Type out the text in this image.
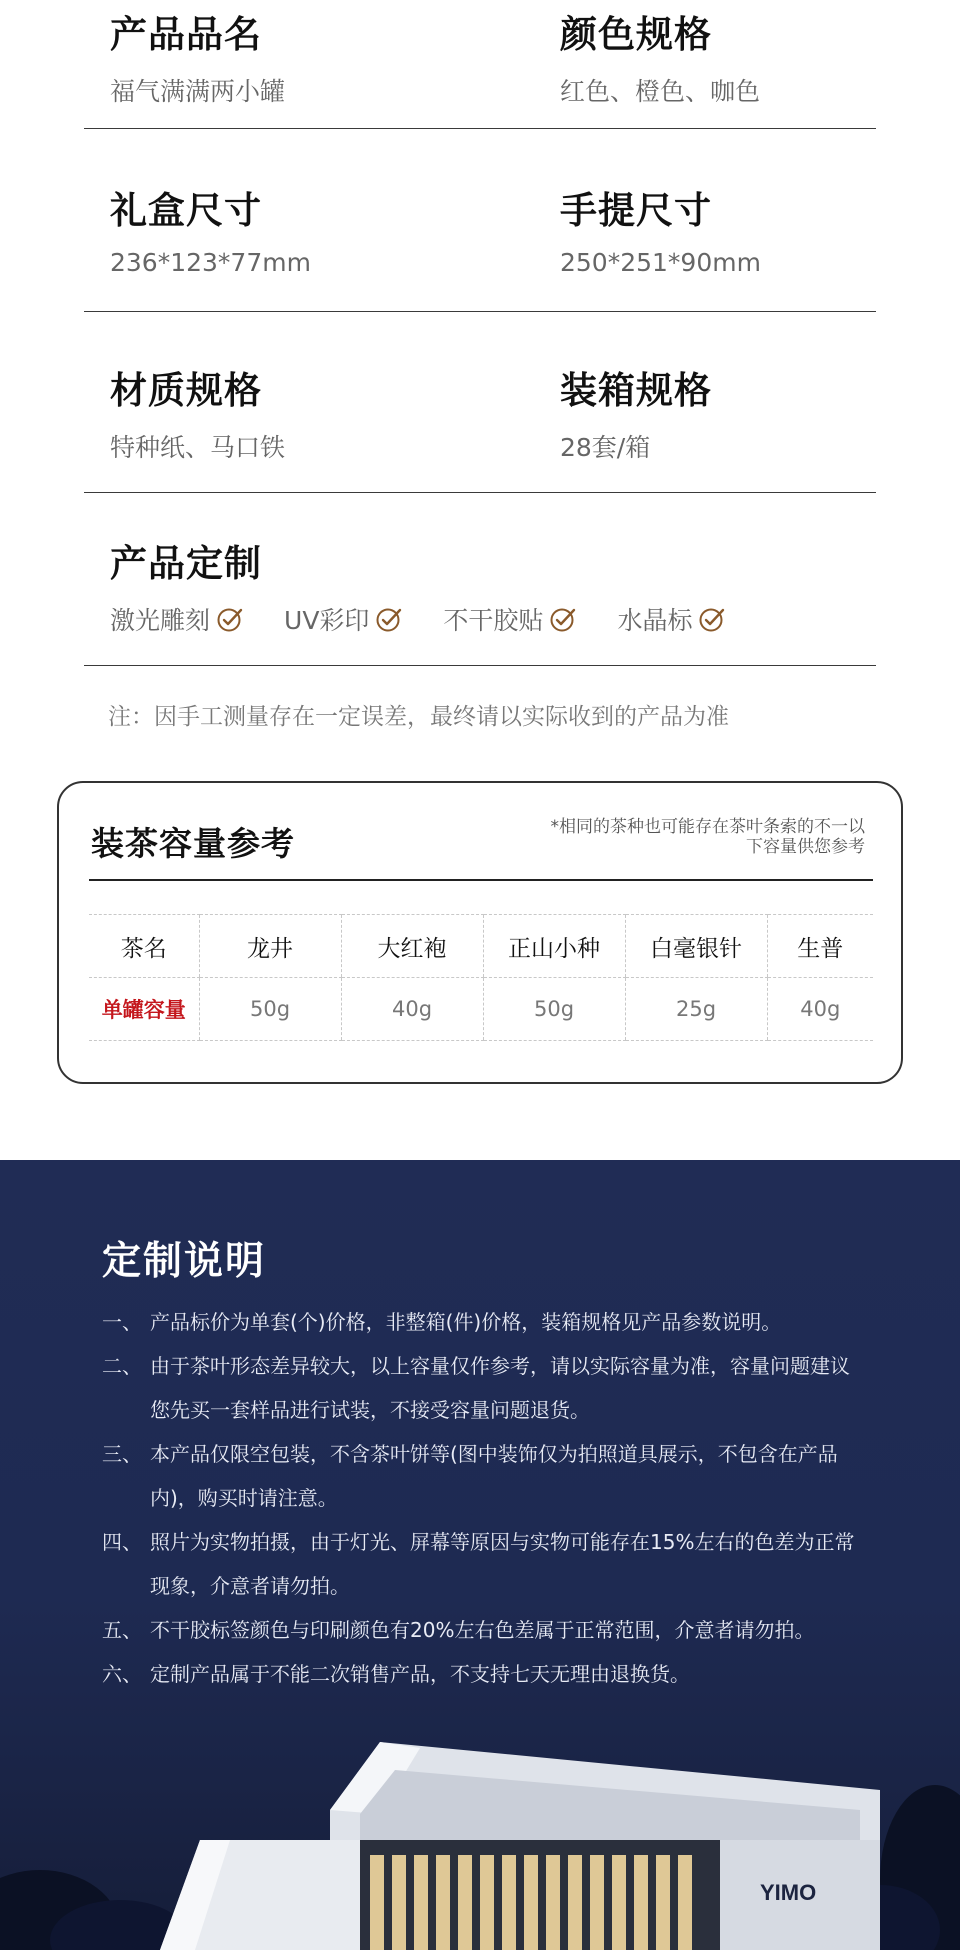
产品品名
福气满满两小罐
颜色规格
红色、橙色、咖色
礼盒尺寸
236*123*77mm
手提尺寸
250*251*90mm
材质规格
特种纸、马口铁
装箱规格
28套/箱
产品定制
激光雕刻	UV彩印	不干胶贴	水晶标
注：因手工测量存在一定误差，最终请以实际收到的产品为准
装茶容量参考	*相同的茶种也可能存在茶叶条索的不一以下容量供您参考
茶名	龙井	大红袍	正山小种	白毫银针	生普
单罐容量	50g	40g	50g	25g	40g
定制说明
一、 产品标价为单套(个)价格，非整箱(件)价格，装箱规格见产品参数说明。
二、 由于茶叶形态差异较大，以上容量仅作参考，请以实际容量为准，容量问题建议您先买一套样品进行试装，不接受容量问题退货。
三、 本产品仅限空包装，不含茶叶饼等(图中装饰仅为拍照道具展示，不包含在产品内)，购买时请注意。
四、 照片为实物拍摄，由于灯光、屏幕等原因与实物可能存在15%左右的色差为正常现象，介意者请勿拍。
五、 不干胶标签颜色与印刷颜色有20%左右色差属于正常范围，介意者请勿拍。
六、 定制产品属于不能二次销售产品，不支持七天无理由退换货。
YIMO
